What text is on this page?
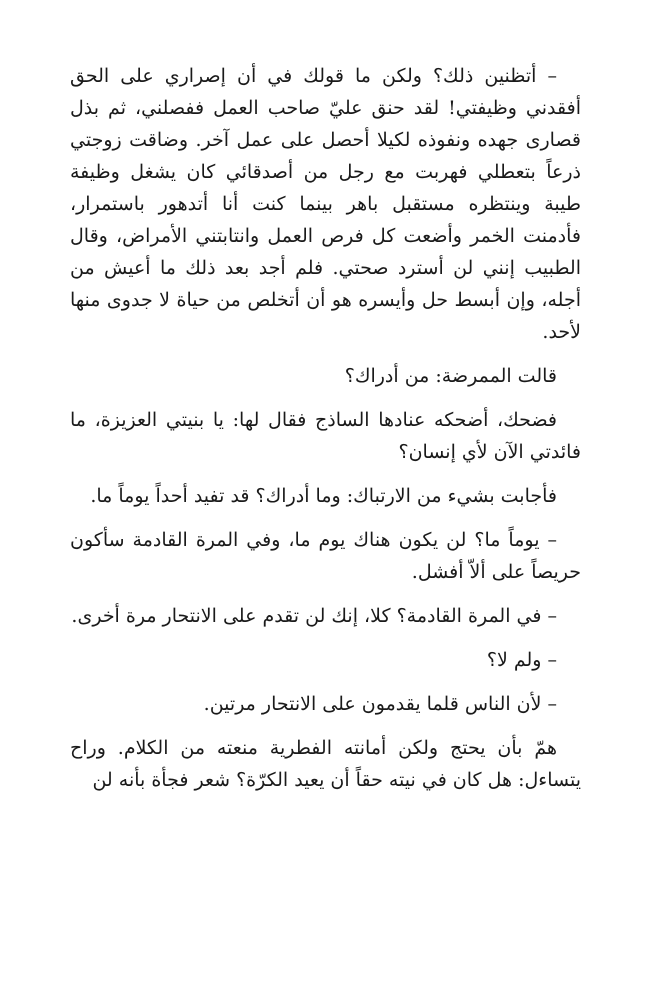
– أتظنين ذلك؟ ولكن ما قولك في أن إصراري على الحق أفقدني وظيفتي! لقد حنق عليّ صاحب العمل ففصلني، ثم بذل قصارى جهده ونفوذه لكيلا أحصل على عمل آخر. وضاقت زوجتي ذرعاً بتعطلي فهربت مع رجل من أصدقائي كان يشغل وظيفة طيبة وينتظره مستقبل باهر بينما كنت أنا أتدهور باستمرار، فأدمنت الخمر وأضعت كل فرص العمل وانتابتني الأمراض، وقال الطبيب إنني لن أسترد صحتي. فلم أجد بعد ذلك ما أعيش من أجله، وإن أبسط حل وأيسره هو أن أتخلص من حياة لا جدوى منها لأحد.

قالت الممرضة: من أدراك؟

فضحك، أضحكه عنادها الساذج فقال لها: يا بنيتي العزيزة، ما فائدتي الآن لأي إنسان؟

فأجابت بشيء من الارتباك: وما أدراك؟ قد تفيد أحداً يوماً ما.

– يوماً ما؟ لن يكون هناك يوم ما، وفي المرة القادمة سأكون حريصاً على ألاّ أفشل.

– في المرة القادمة؟ كلا، إنك لن تقدم على الانتحار مرة أخرى.

– ولم لا؟

– لأن الناس قلما يقدمون على الانتحار مرتين.

همّ بأن يحتج ولكن أمانته الفطرية منعته من الكلام. وراح يتساءل: هل كان في نيته حقاً أن يعيد الكرّة؟ شعر فجأة بأنه لن
